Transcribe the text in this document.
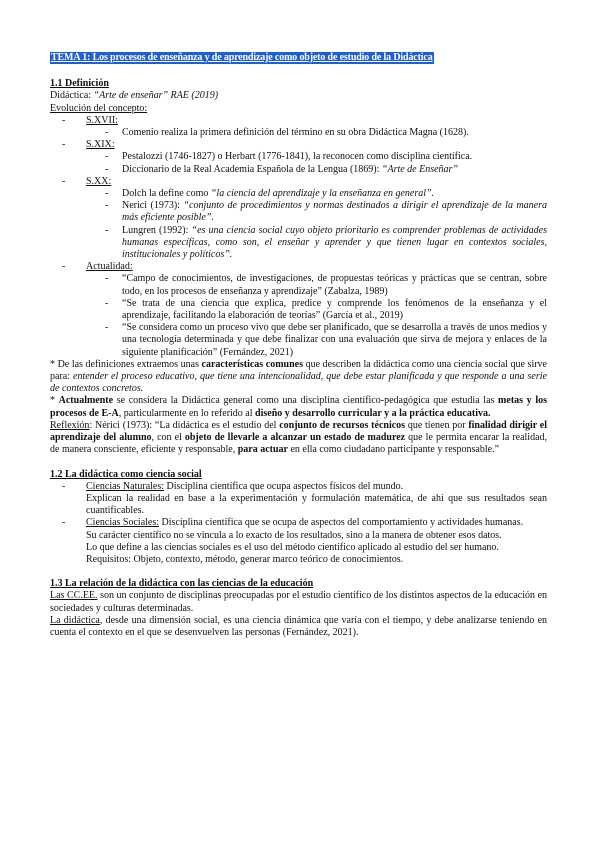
TEMA 1: Los procesos de enseñanza y de aprendizaje como objeto de estudio de la Didáctica
1.1 Definición
Didáctica: “Arte de enseñar” RAE (2019)
Evolución del concepto:
- S.XVII:
- Comenio realiza la primera definición del término en su obra Didáctica Magna (1628).
- S.XIX:
- Pestalozzi (1746-1827) o Herbart (1776-1841), la reconocen como disciplina científica.
- Diccionario de la Real Academia Española de la Lengua (1869): “Arte de Enseñar”
- S.XX:
- Dolch la define como “la ciencia del aprendizaje y la enseñanza en general”.
- Nerici (1973): “conjunto de procedimientos y normas destinados a dirigir el aprendizaje de la manera más eficiente posible”.
- Lungren (1992): “es una ciencia social cuyo objeto prioritario es comprender problemas de actividades humanas específicas, como son, el enseñar y aprender y que tienen lugar en contextos sociales, institucionales y políticos”.
- Actualidad:
- “Campo de conocimientos, de investigaciones, de propuestas teóricas y prácticas que se centran, sobre todo, en los procesos de enseñanza y aprendizaje” (Zabalza, 1989)
- “Se trata de una ciencia que explica, predice y comprende los fenómenos de la enseñanza y el aprendizaje, facilitando la elaboración de teorías” (García et al., 2019)
- “Se considera como un proceso vivo que debe ser planificado, que se desarrolla a través de unos medios y una tecnología determinada y que debe finalizar con una evaluación que sirva de mejora y enlaces de la siguiente planificación” (Fernández, 2021)
* De las definiciones extraemos unas características comunes que describen la didáctica como una ciencia social que sirve para: entender el proceso educativo, que tiene una intencionalidad, que debe estar planificada y que responde a una serie de contextos concretos.
* Actualmente se considera la Didáctica general como una disciplina científico-pedagógica que estudia las metas y los procesos de E-A, particularmente en lo referido al diseño y desarrollo curricular y a la práctica educativa.
Reflexión: Nérici (1973): “La didáctica es el estudio del conjunto de recursos técnicos que tienen por finalidad dirigir el aprendizaje del alumno, con el objeto de llevarle a alcanzar un estado de madurez que le permita encarar la realidad, de manera consciente, eficiente y responsable, para actuar en ella como ciudadano participante y responsable.”
1.2 La didáctica como ciencia social
- Ciencias Naturales: Disciplina científica que ocupa aspectos físicos del mundo.
Explican la realidad en base a la experimentación y formulación matemática, de ahí que sus resultados sean cuantificables.
- Ciencias Sociales: Disciplina científica que se ocupa de aspectos del comportamiento y actividades humanas.
Su carácter científico no se vincula a lo exacto de los resultados, sino a la manera de obtener esos datos.
Lo que define a las ciencias sociales es el uso del método científico aplicado al estudio del ser humano.
Requisitos: Objeto, contexto, método, generar marco teórico de conocimientos.
1.3 La relación de la didáctica con las ciencias de la educación
Las CC.EE. son un conjunto de disciplinas preocupadas por el estudio científico de los distintos aspectos de la educación en sociedades y culturas determinadas.
La didáctica, desde una dimensión social, es una ciencia dinámica que varía con el tiempo, y debe analizarse teniendo en cuenta el contexto en el que se desenvuelven las personas (Fernández, 2021).
